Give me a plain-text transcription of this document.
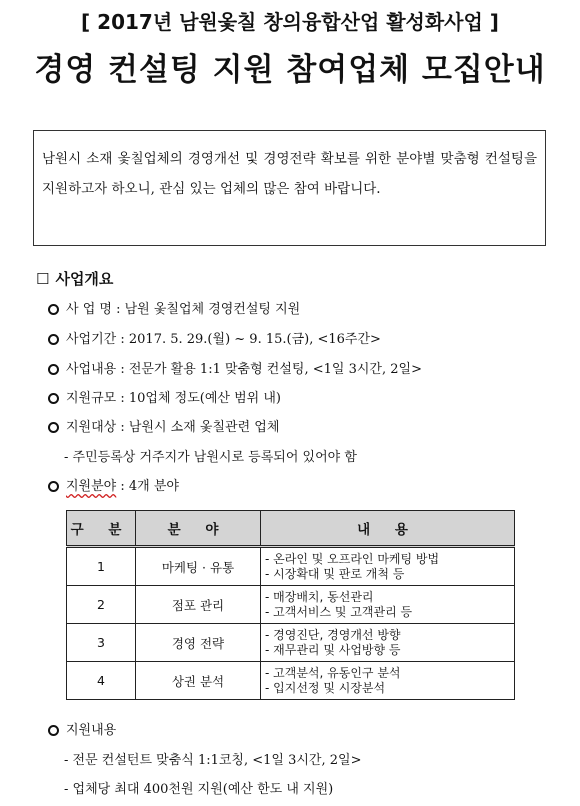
[ 2017년 남원옻칠 창의융합산업 활성화사업 ]
경영 컨설팅 지원 참여업체 모집안내
남원시 소재 옻칠업체의 경영개선 및 경영전략 확보를 위한 분야별 맞춤형 컨설팅을 지원하고자 하오니, 관심 있는 업체의 많은 참여 바랍니다.
☐ 사업개요
사 업 명 : 남원 옻칠업체 경영컨설팅 지원
사업기간 : 2017. 5. 29.(월) ~ 9. 15.(금), <16주간>
사업내용 : 전문가 활용 1:1 맞춤형 컨설팅, <1일 3시간, 2일>
지원규모 : 10업체 정도(예산 범위 내)
지원대상 : 남원시 소재 옻칠관련 업체
- 주민등록상 거주지가 남원시로 등록되어 있어야 함
지원분야 : 4개 분야
구 분	분 야	내 용
1	마케팅 · 유통	- 온라인 및 오프라인 마케팅 방법
- 시장확대 및 판로 개척 등

2	점포 관리	- 매장배치, 동선관리
- 고객서비스 및 고객관리 등

3	경영 전략	- 경영진단, 경영개선 방향
- 재무관리 및 사업방향 등

4	상권 분석	- 고객분석, 유동인구 분석
- 입지선정 및 시장분석
지원내용
- 전문 컨설턴트 맞춤식 1:1코칭, <1일 3시간, 2일>
- 업체당 최대 400천원 지원(예산 한도 내 지원)
